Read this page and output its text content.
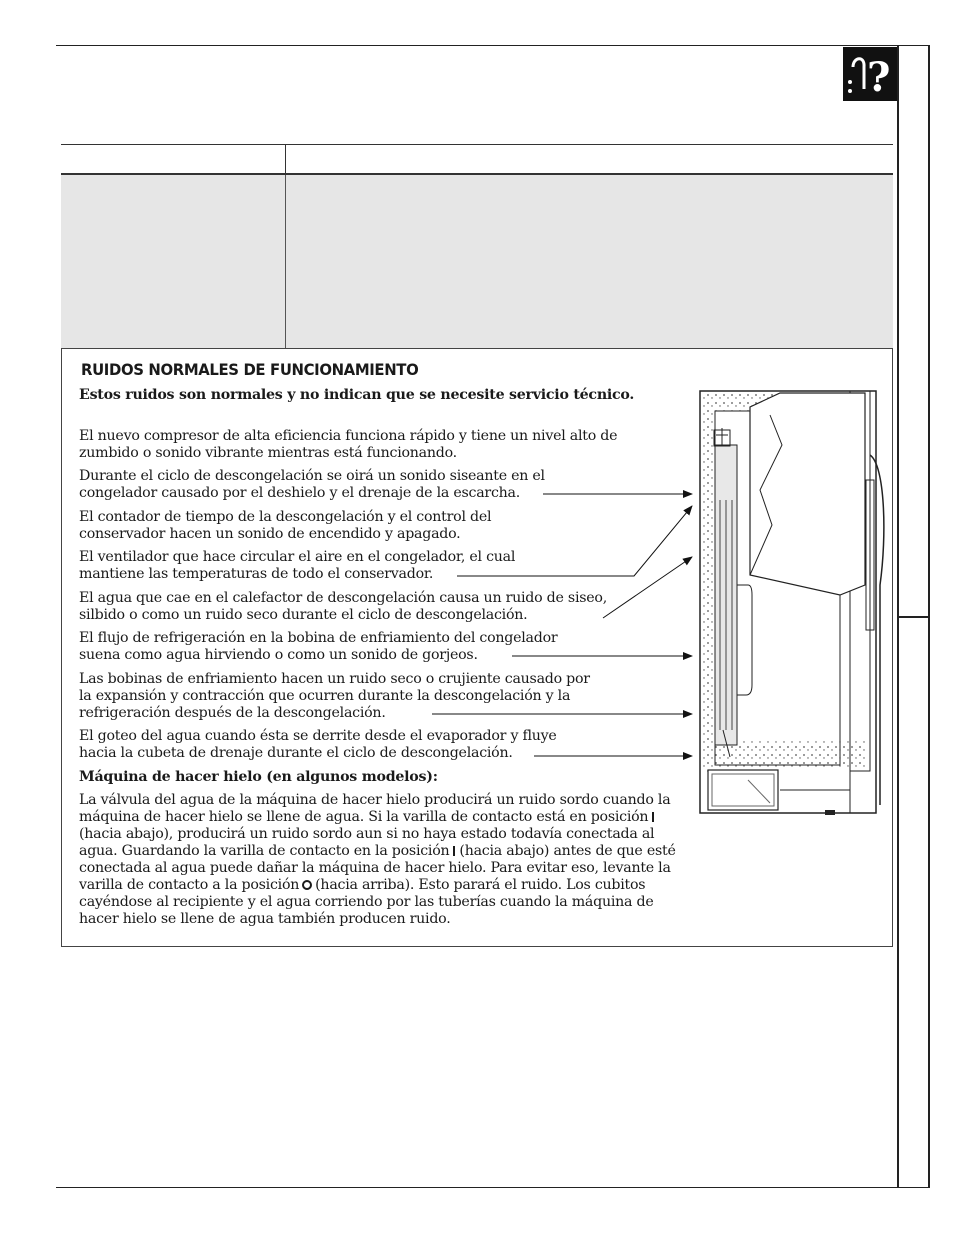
?
RUIDOS NORMALES DE FUNCIONAMIENTO

Estos ruidos son normales y no indican que se necesite servicio técnico.

El nuevo compresor de alta eficiencia funciona rápido y tiene un nivel alto de zumbido o sonido vibrante mientras está funcionando.

Durante el ciclo de descongelación se oirá un sonido siseante en el congelador causado por el deshielo y el drenaje de la escarcha.

El contador de tiempo de la descongelación y el control del conservador hacen un sonido de encendido y apagado.

El ventilador que hace circular el aire en el congelador, el cual mantiene las temperaturas de todo el conservador.

El agua que cae en el calefactor de descongelación causa un ruido de siseo, silbido o como un ruido seco durante el ciclo de descongelación.

El flujo de refrigeración en la bobina de enfriamiento del congelador suena como agua hirviendo o como un sonido de gorjeos.

Las bobinas de enfriamiento hacen un ruido seco o crujiente causado por la expansión y contracción que ocurren durante la descongelación y la refrigeración después de la descongelación.

El goteo del agua cuando ésta se derrite desde el evaporador y fluye hacia la cubeta de drenaje durante el ciclo de descongelación.

Máquina de hacer hielo (en algunos modelos):

La válvula del agua de la máquina de hacer hielo producirá un ruido sordo cuando la máquina de hacer hielo se llene de agua. Si la varilla de contacto está en posición(hacia abajo), producirá un ruido sordo aun si no haya estado todavía conectada al agua. Guardando la varilla de contacto en la posición (hacia abajo) antes de que esté conectada al agua puede dañar la máquina de hacer hielo. Para evitar eso, levante la varilla de contacto a la posición (hacia arriba). Esto parará el ruido. Los cubitos cayéndose al recipiente y el agua corriendo por las tuberías cuando la máquina de hacer hielo se llene de agua también producen ruido.
